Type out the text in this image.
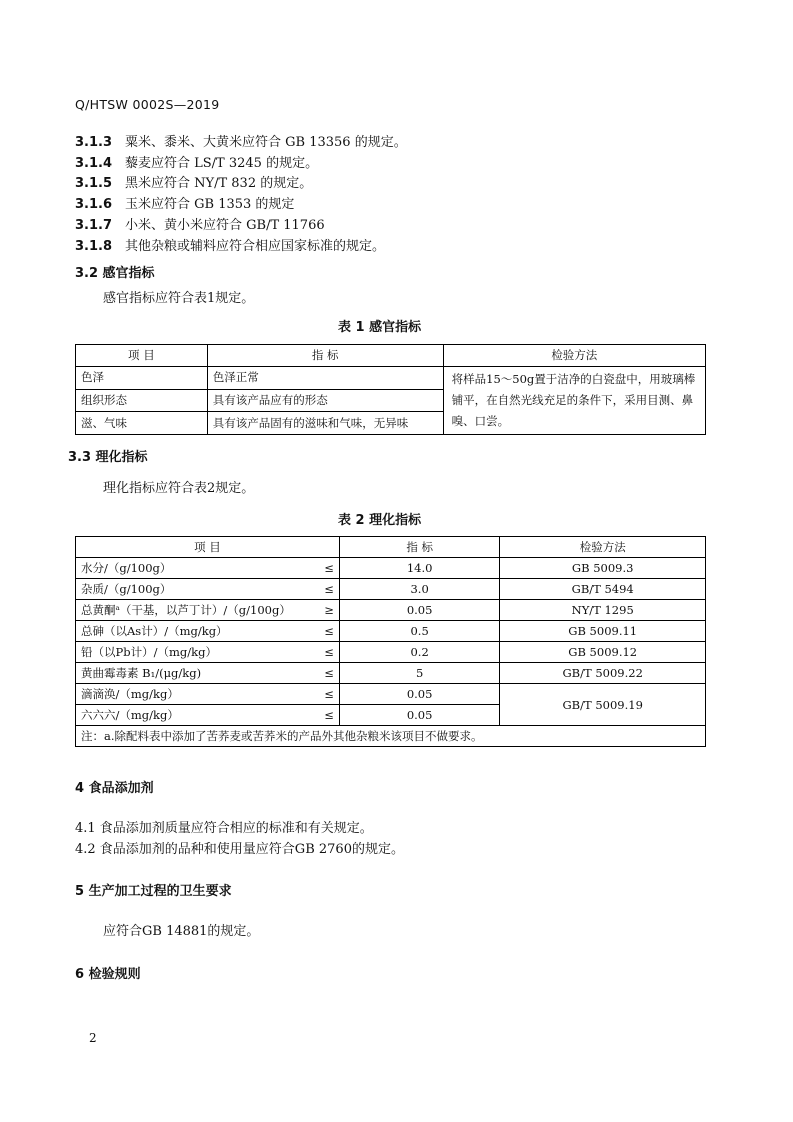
Q/HTSW 0002S—2019
3.1.3 粟米、黍米、大黄米应符合 GB 13356 的规定。
3.1.4 藜麦应符合 LS/T 3245 的规定。
3.1.5 黑米应符合 NY/T 832 的规定。
3.1.6 玉米应符合 GB 1353 的规定
3.1.7 小米、黄小米应符合 GB/T 11766
3.1.8 其他杂粮或辅料应符合相应国家标准的规定。
3.2 感官指标
感官指标应符合表1规定。
表 1 感官指标
项 目	指 标	检验方法
色泽	色泽正常	将样品15～50g置于洁净的白瓷盘中，用玻璃棒铺平，在自然光线充足的条件下，采用目测、鼻嗅、口尝。
组织形态	具有该产品应有的形态	
滋、气味	具有该产品固有的滋味和气味，无异味	
3.3 理化指标
理化指标应符合表2规定。
表 2 理化指标
项 目	指 标	检验方法

水分/（g/100g） ≤	14.0	GB 5009.3

杂质/（g/100g） ≤	3.0	GB/T 5494

总黄酮ᵃ（干基，以芦丁计）/（g/100g） ≥	0.05	NY/T 1295

总砷（以As计）/（mg/kg） ≤	0.5	GB 5009.11

铅（以Pb计）/（mg/kg） ≤	0.2	GB 5009.12

黄曲霉毒素 B₁/(μg/kg) ≤	5	GB/T 5009.22

滴滴涣/（mg/kg） ≤	0.05	GB/T 5009.19

六六六/（mg/kg） ≤	0.05	
注：a.除配料表中添加了苦荞麦或苦荞米的产品外其他杂粮米该项目不做要求。		
4 食品添加剂
4.1 食品添加剂质量应符合相应的标准和有关规定。
4.2 食品添加剂的品种和使用量应符合GB 2760的规定。
5 生产加工过程的卫生要求
应符合GB 14881的规定。
6 检验规则
2
